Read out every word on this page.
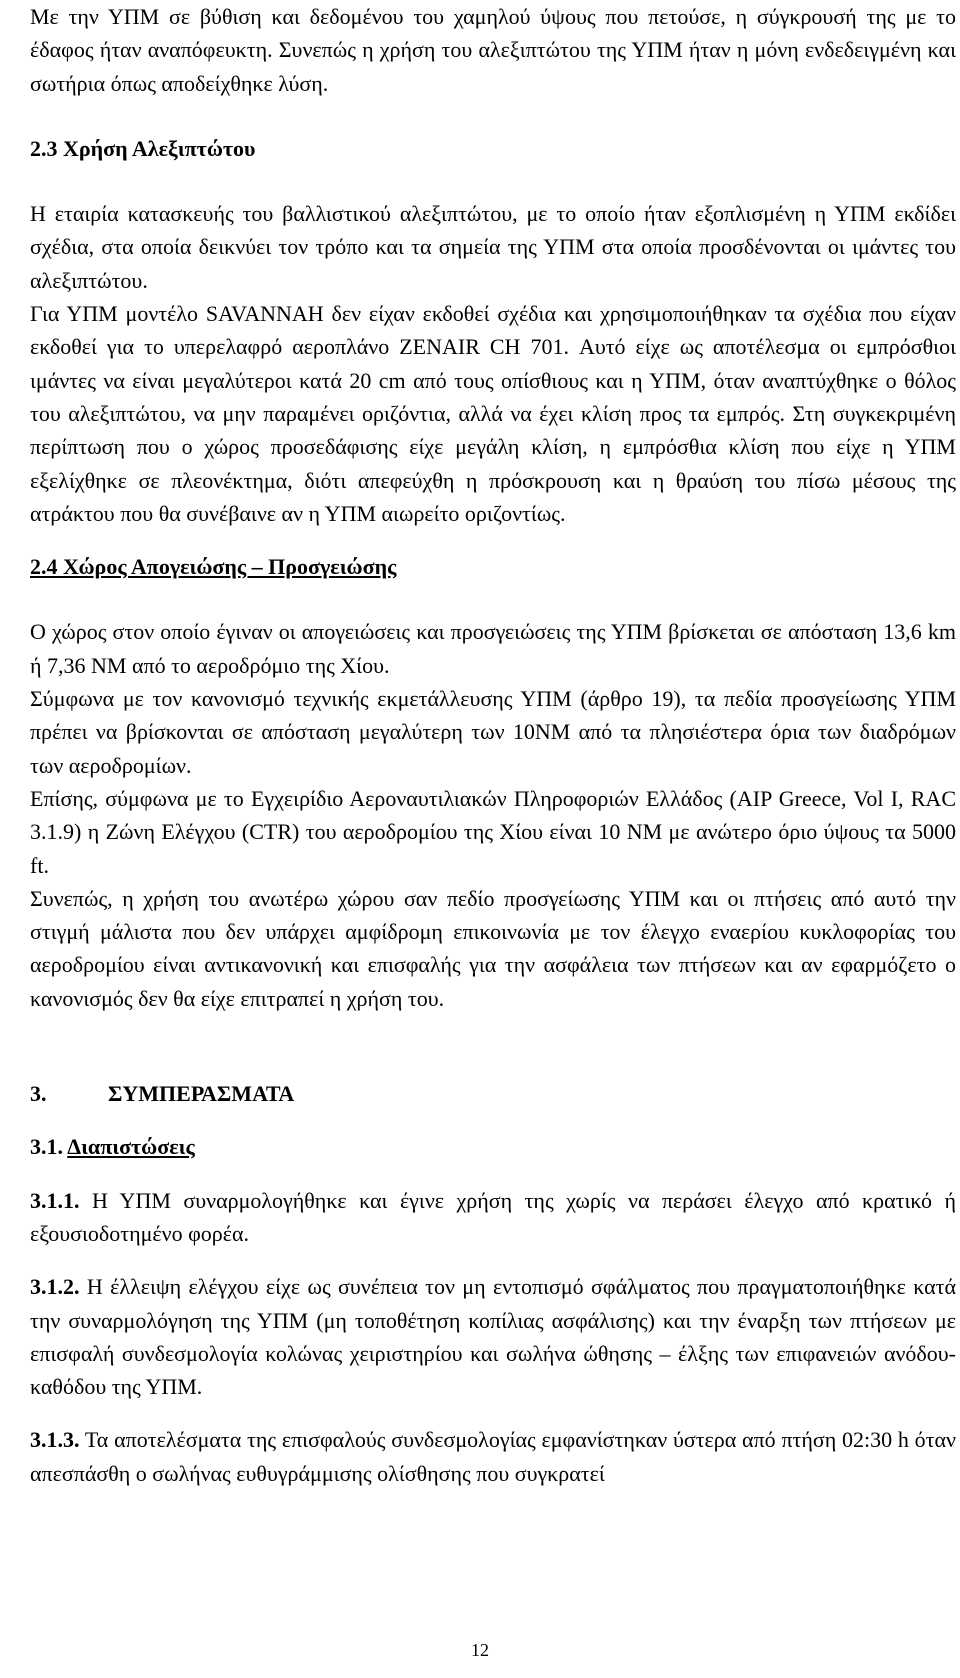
Με την ΥΠΜ σε βύθιση και δεδομένου του χαμηλού ύψους που πετούσε, η σύγκρουσή της με το έδαφος ήταν αναπόφευκτη. Συνεπώς η χρήση του αλεξιπτώτου της ΥΠΜ ήταν η μόνη ενδεδειγμένη και σωτήρια όπως αποδείχθηκε λύση.

2.3 Χρήση Αλεξιπτώτου

Η εταιρία κατασκευής του βαλλιστικού αλεξιπτώτου, με το οποίο ήταν εξοπλισμένη η ΥΠΜ εκδίδει σχέδια, στα οποία δεικνύει τον τρόπο και τα σημεία της ΥΠΜ στα οποία προσδένονται οι ιμάντες του αλεξιπτώτου.

Για ΥΠΜ μοντέλο SAVANNAH δεν είχαν εκδοθεί σχέδια και χρησιμοποιήθηκαν τα σχέδια που είχαν εκδοθεί για το υπερελαφρό αεροπλάνο ZENAIR CH 701. Αυτό είχε ως αποτέλεσμα οι εμπρόσθιοι ιμάντες να είναι μεγαλύτεροι κατά 20 cm από τους οπίσθιους και η ΥΠΜ, όταν αναπτύχθηκε ο θόλος του αλεξιπτώτου, να μην παραμένει οριζόντια, αλλά να έχει κλίση προς τα εμπρός. Στη συγκεκριμένη περίπτωση που ο χώρος προσεδάφισης είχε μεγάλη κλίση, η εμπρόσθια κλίση που είχε η ΥΠΜ εξελίχθηκε σε πλεονέκτημα, διότι απεφεύχθη η πρόσκρουση και η θραύση του πίσω μέσους της ατράκτου που θα συνέβαινε αν η ΥΠΜ αιωρείτο οριζοντίως.

2.4 Χώρος Απογειώσης – Προσγειώσης

Ο χώρος στον οποίο έγιναν οι απογειώσεις και προσγειώσεις της ΥΠΜ βρίσκεται σε απόσταση 13,6 km ή 7,36 NM από το αεροδρόμιο της Χίου.

Σύμφωνα με τον κανονισμό τεχνικής εκμετάλλευσης ΥΠΜ (άρθρο 19), τα πεδία προσγείωσης ΥΠΜ πρέπει να βρίσκονται σε απόσταση μεγαλύτερη των 10NM από τα πλησιέστερα όρια των διαδρόμων των αεροδρομίων.

Επίσης, σύμφωνα με το Εγχειρίδιο Αεροναυτιλιακών Πληροφοριών Ελλάδος (AIP Greece, Vol I, RAC 3.1.9) η Ζώνη Ελέγχου (CTR) του αεροδρομίου της Χίου είναι 10 NM με ανώτερο όριο ύψους τα 5000 ft.

Συνεπώς, η χρήση του ανωτέρω χώρου σαν πεδίο προσγείωσης ΥΠΜ και οι πτήσεις από αυτό την στιγμή μάλιστα που δεν υπάρχει αμφίδρομη επικοινωνία με τον έλεγχο εναερίου κυκλοφορίας του αεροδρομίου είναι αντικανονική και επισφαλής για την ασφάλεια των πτήσεων και αν εφαρμόζετο ο κανονισμός δεν θα είχε επιτραπεί η χρήση του.

3.	ΣΥΜΠΕΡΑΣΜΑΤΑ

3.1. Διαπιστώσεις

3.1.1. Η ΥΠΜ συναρμολογήθηκε και έγινε χρήση της χωρίς να περάσει έλεγχο από κρατικό ή εξουσιοδοτημένο φορέα.

3.1.2. Η έλλειψη ελέγχου είχε ως συνέπεια τον μη εντοπισμό σφάλματος που πραγματοποιήθηκε κατά την συναρμολόγηση της ΥΠΜ (μη τοποθέτηση κοπίλιας ασφάλισης) και την έναρξη των πτήσεων με επισφαλή συνδεσμολογία κολώνας χειριστηρίου και σωλήνα ώθησης – έλξης των επιφανειών ανόδου-καθόδου της ΥΠΜ.

3.1.3. Τα αποτελέσματα της επισφαλούς συνδεσμολογίας εμφανίστηκαν ύστερα από πτήση 02:30 h όταν απεσπάσθη ο σωλήνας ευθυγράμμισης ολίσθησης που συγκρατεί

12
